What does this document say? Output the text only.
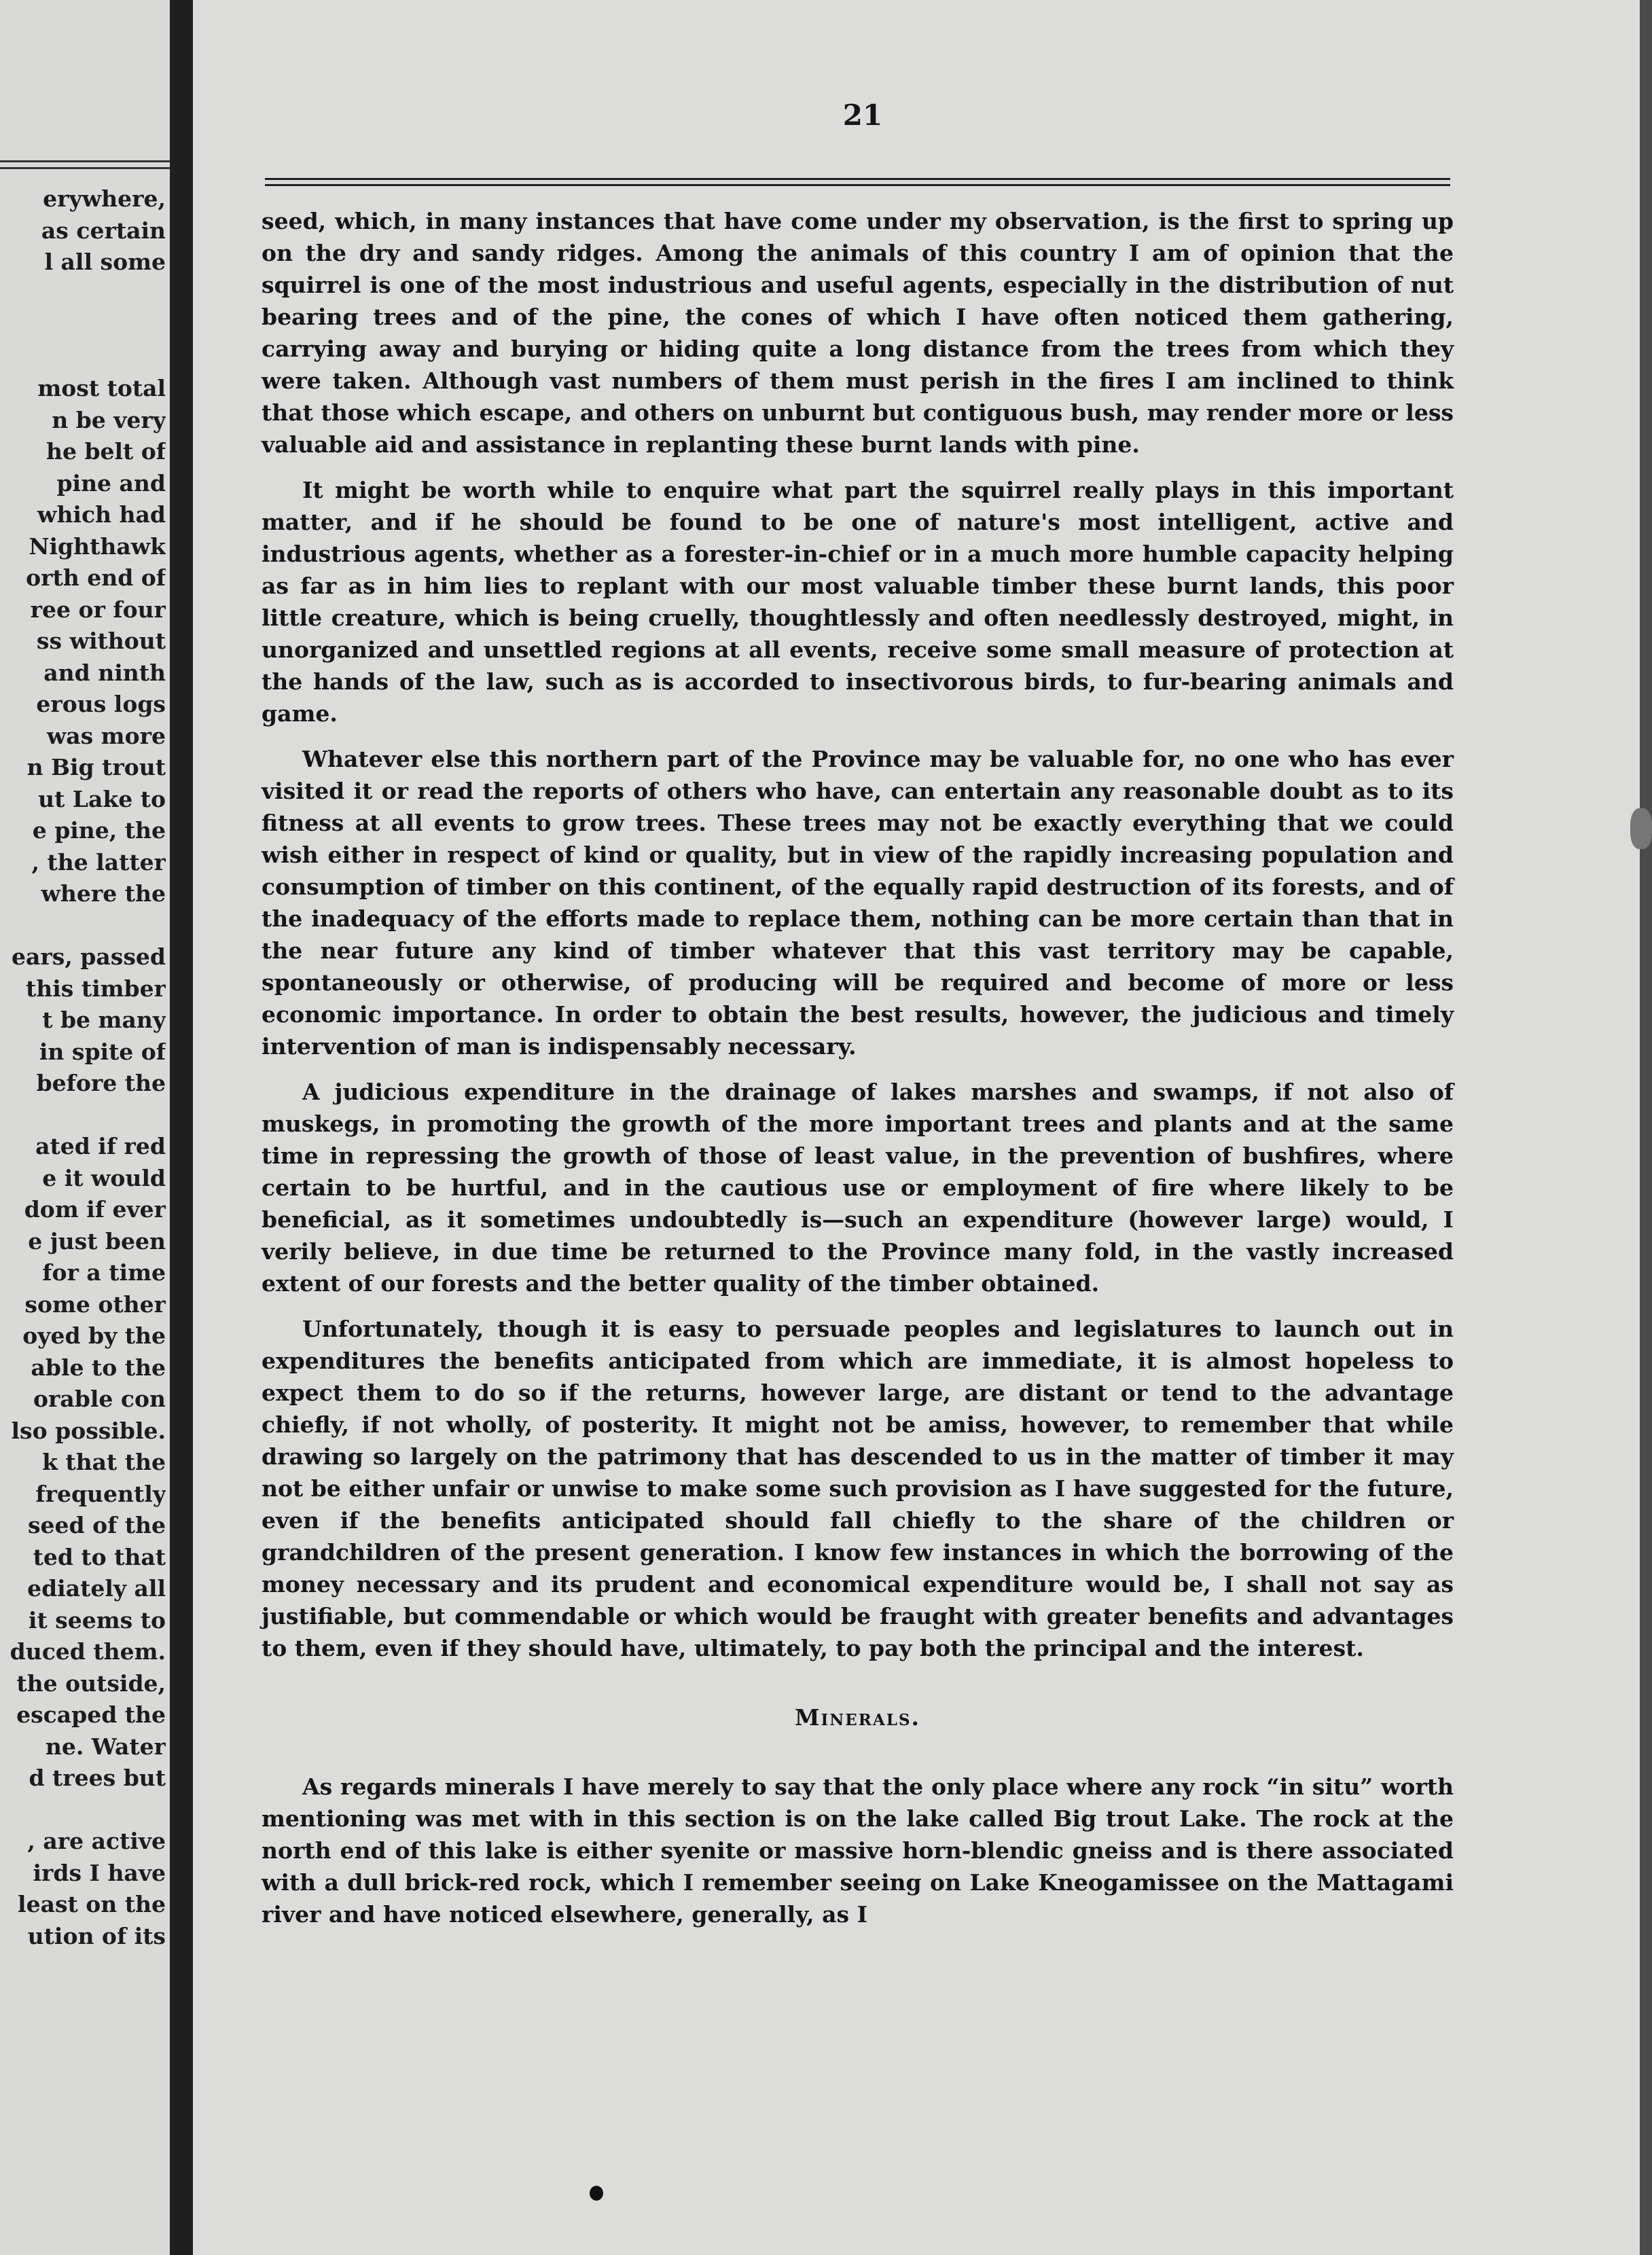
erywhere,
as certain
l all some
most total
n be very
he belt of
pine and
which had
Nighthawk
orth end of
ree or four
ss without
and ninth
erous logs
was more
n Big trout
ut Lake to
e pine, the
, the latter
where the
ears, passed
this timber
t be many
in spite of
before the
ated if red
e it would
dom if ever
e just been
for a time
some other
oyed by the
able to the
orable con
lso possible.
k that the
frequently
seed of the
ted to that
ediately all
it seems to
duced them.
the outside,
escaped the
ne. Water
d trees but
, are active
irds I have
least on the
ution of its
21

seed, which, in many instances that have come under my observation, is the first to spring up on the dry and sandy ridges. Among the animals of this country I am of opinion that the squirrel is one of the most industrious and useful agents, especially in the distribution of nut bearing trees and of the pine, the cones of which I have often noticed them gathering, carrying away and burying or hiding quite a long distance from the trees from which they were taken. Although vast numbers of them must perish in the fires I am inclined to think that those which escape, and others on unburnt but contiguous bush, may render more or less valuable aid and assistance in replanting these burnt lands with pine.

It might be worth while to enquire what part the squirrel really plays in this important matter, and if he should be found to be one of nature's most intelligent, active and industrious agents, whether as a forester-in-chief or in a much more humble capacity helping as far as in him lies to replant with our most valuable timber these burnt lands, this poor little creature, which is being cruelly, thoughtlessly and often needlessly destroyed, might, in unorganized and unsettled regions at all events, receive some small measure of protection at the hands of the law, such as is accorded to insectivorous birds, to fur-bearing animals and game.

Whatever else this northern part of the Province may be valuable for, no one who has ever visited it or read the reports of others who have, can entertain any reasonable doubt as to its fitness at all events to grow trees. These trees may not be exactly everything that we could wish either in respect of kind or quality, but in view of the rapidly increasing population and consumption of timber on this continent, of the equally rapid destruction of its forests, and of the inadequacy of the efforts made to replace them, nothing can be more certain than that in the near future any kind of timber whatever that this vast territory may be capable, spontaneously or otherwise, of producing will be required and become of more or less economic importance. In order to obtain the best results, however, the judicious and timely intervention of man is indispensably necessary.

A judicious expenditure in the drainage of lakes marshes and swamps, if not also of muskegs, in promoting the growth of the more important trees and plants and at the same time in repressing the growth of those of least value, in the prevention of bushfires, where certain to be hurtful, and in the cautious use or employment of fire where likely to be beneficial, as it sometimes undoubtedly is—such an expenditure (however large) would, I verily believe, in due time be returned to the Province many fold, in the vastly increased extent of our forests and the better quality of the timber obtained.

Unfortunately, though it is easy to persuade peoples and legislatures to launch out in expenditures the benefits anticipated from which are immediate, it is almost hopeless to expect them to do so if the returns, however large, are distant or tend to the advantage chiefly, if not wholly, of posterity. It might not be amiss, however, to remember that while drawing so largely on the patrimony that has descended to us in the matter of timber it may not be either unfair or unwise to make some such provision as I have suggested for the future, even if the benefits anticipated should fall chiefly to the share of the children or grandchildren of the present generation. I know few instances in which the borrowing of the money necessary and its prudent and economical expenditure would be, I shall not say as justifiable, but commendable or which would be fraught with greater benefits and advantages to them, even if they should have, ultimately, to pay both the principal and the interest.

Minerals.

As regards minerals I have merely to say that the only place where any rock “in situ” worth mentioning was met with in this section is on the lake called Big trout Lake. The rock at the north end of this lake is either syenite or massive horn-blendic gneiss and is there associated with a dull brick-red rock, which I remember seeing on Lake Kneogamissee on the Mattagami river and have noticed elsewhere, generally, as I
